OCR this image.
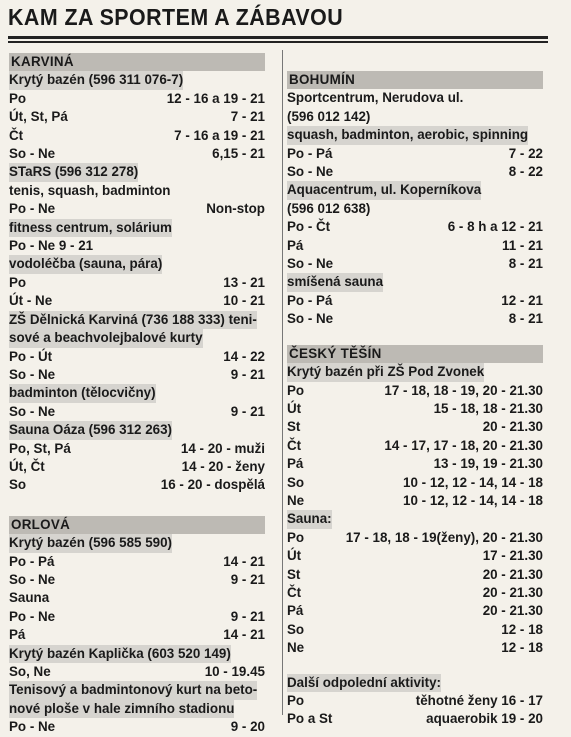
KAM ZA SPORTEM A ZÁBAVOU
KARVINÁ
Krytý bazén (596 311 076-7)
Po	12 - 16 a 19 - 21
Út, St, Pá	7 - 21
Čt	7 - 16 a 19 - 21
So - Ne	6,15 - 21
STaRS (596 312 278)
tenis, squash, badminton
Po - Ne	Non-stop
fitness centrum, solárium
Po - Ne 9 - 21
vodoléčba (sauna, pára)
Po	13 - 21
Út - Ne	10 - 21
ZŠ Dělnická Karviná (736 188 333) teni-
sové a beachvolejbalové kurty
Po - Út	14 - 22
So - Ne	9 - 21
badminton (tělocvičny)
So - Ne	9 - 21
Sauna Oáza (596 312 263)
Po, St, Pá	14 - 20 - muži
Út, Čt	14 - 20 - ženy
So	16 - 20 - dospělá
ORLOVÁ
Krytý bazén (596 585 590)
Po - Pá	14 - 21
So - Ne	9 - 21
Sauna
Po - Ne	9 - 21
Pá	14 - 21
Krytý bazén Kaplička (603 520 149)
So, Ne	10 - 19.45
Tenisový a badmintonový kurt na beto-
nové ploše v hale zimního stadionu
Po - Ne	9 - 20
BOHUMÍN
Sportcentrum, Nerudova ul.
(596 012 142)
squash, badminton, aerobic, spinning
Po - Pá	7 - 22
So - Ne	8 - 22
Aquacentrum, ul. Koperníkova
(596 012 638)
Po - Čt	6 - 8 h a 12 - 21
Pá	11 - 21
So - Ne	8 - 21
smíšená sauna
Po - Pá	12 - 21
So - Ne	8 - 21
ČESKÝ TĚŠÍN
Krytý bazén při ZŠ Pod Zvonek
Po	17 - 18, 18 - 19, 20 - 21.30
Út	15 - 18, 18 - 21.30
St	20 - 21.30
Čt	14 - 17, 17 - 18, 20 - 21.30
Pá	13 - 19, 19 - 21.30
So	10 - 12, 12 - 14, 14 - 18
Ne	10 - 12, 12 - 14, 14 - 18
Sauna:
Po	17 - 18, 18 - 19(ženy), 20 - 21.30
Út	17 - 21.30
St	20 - 21.30
Čt	20 - 21.30
Pá	20 - 21.30
So	12 - 18
Ne	12 - 18
Další odpolední aktivity:
Po	těhotné ženy 16 - 17
Po a St	aquaerobik 19 - 20
